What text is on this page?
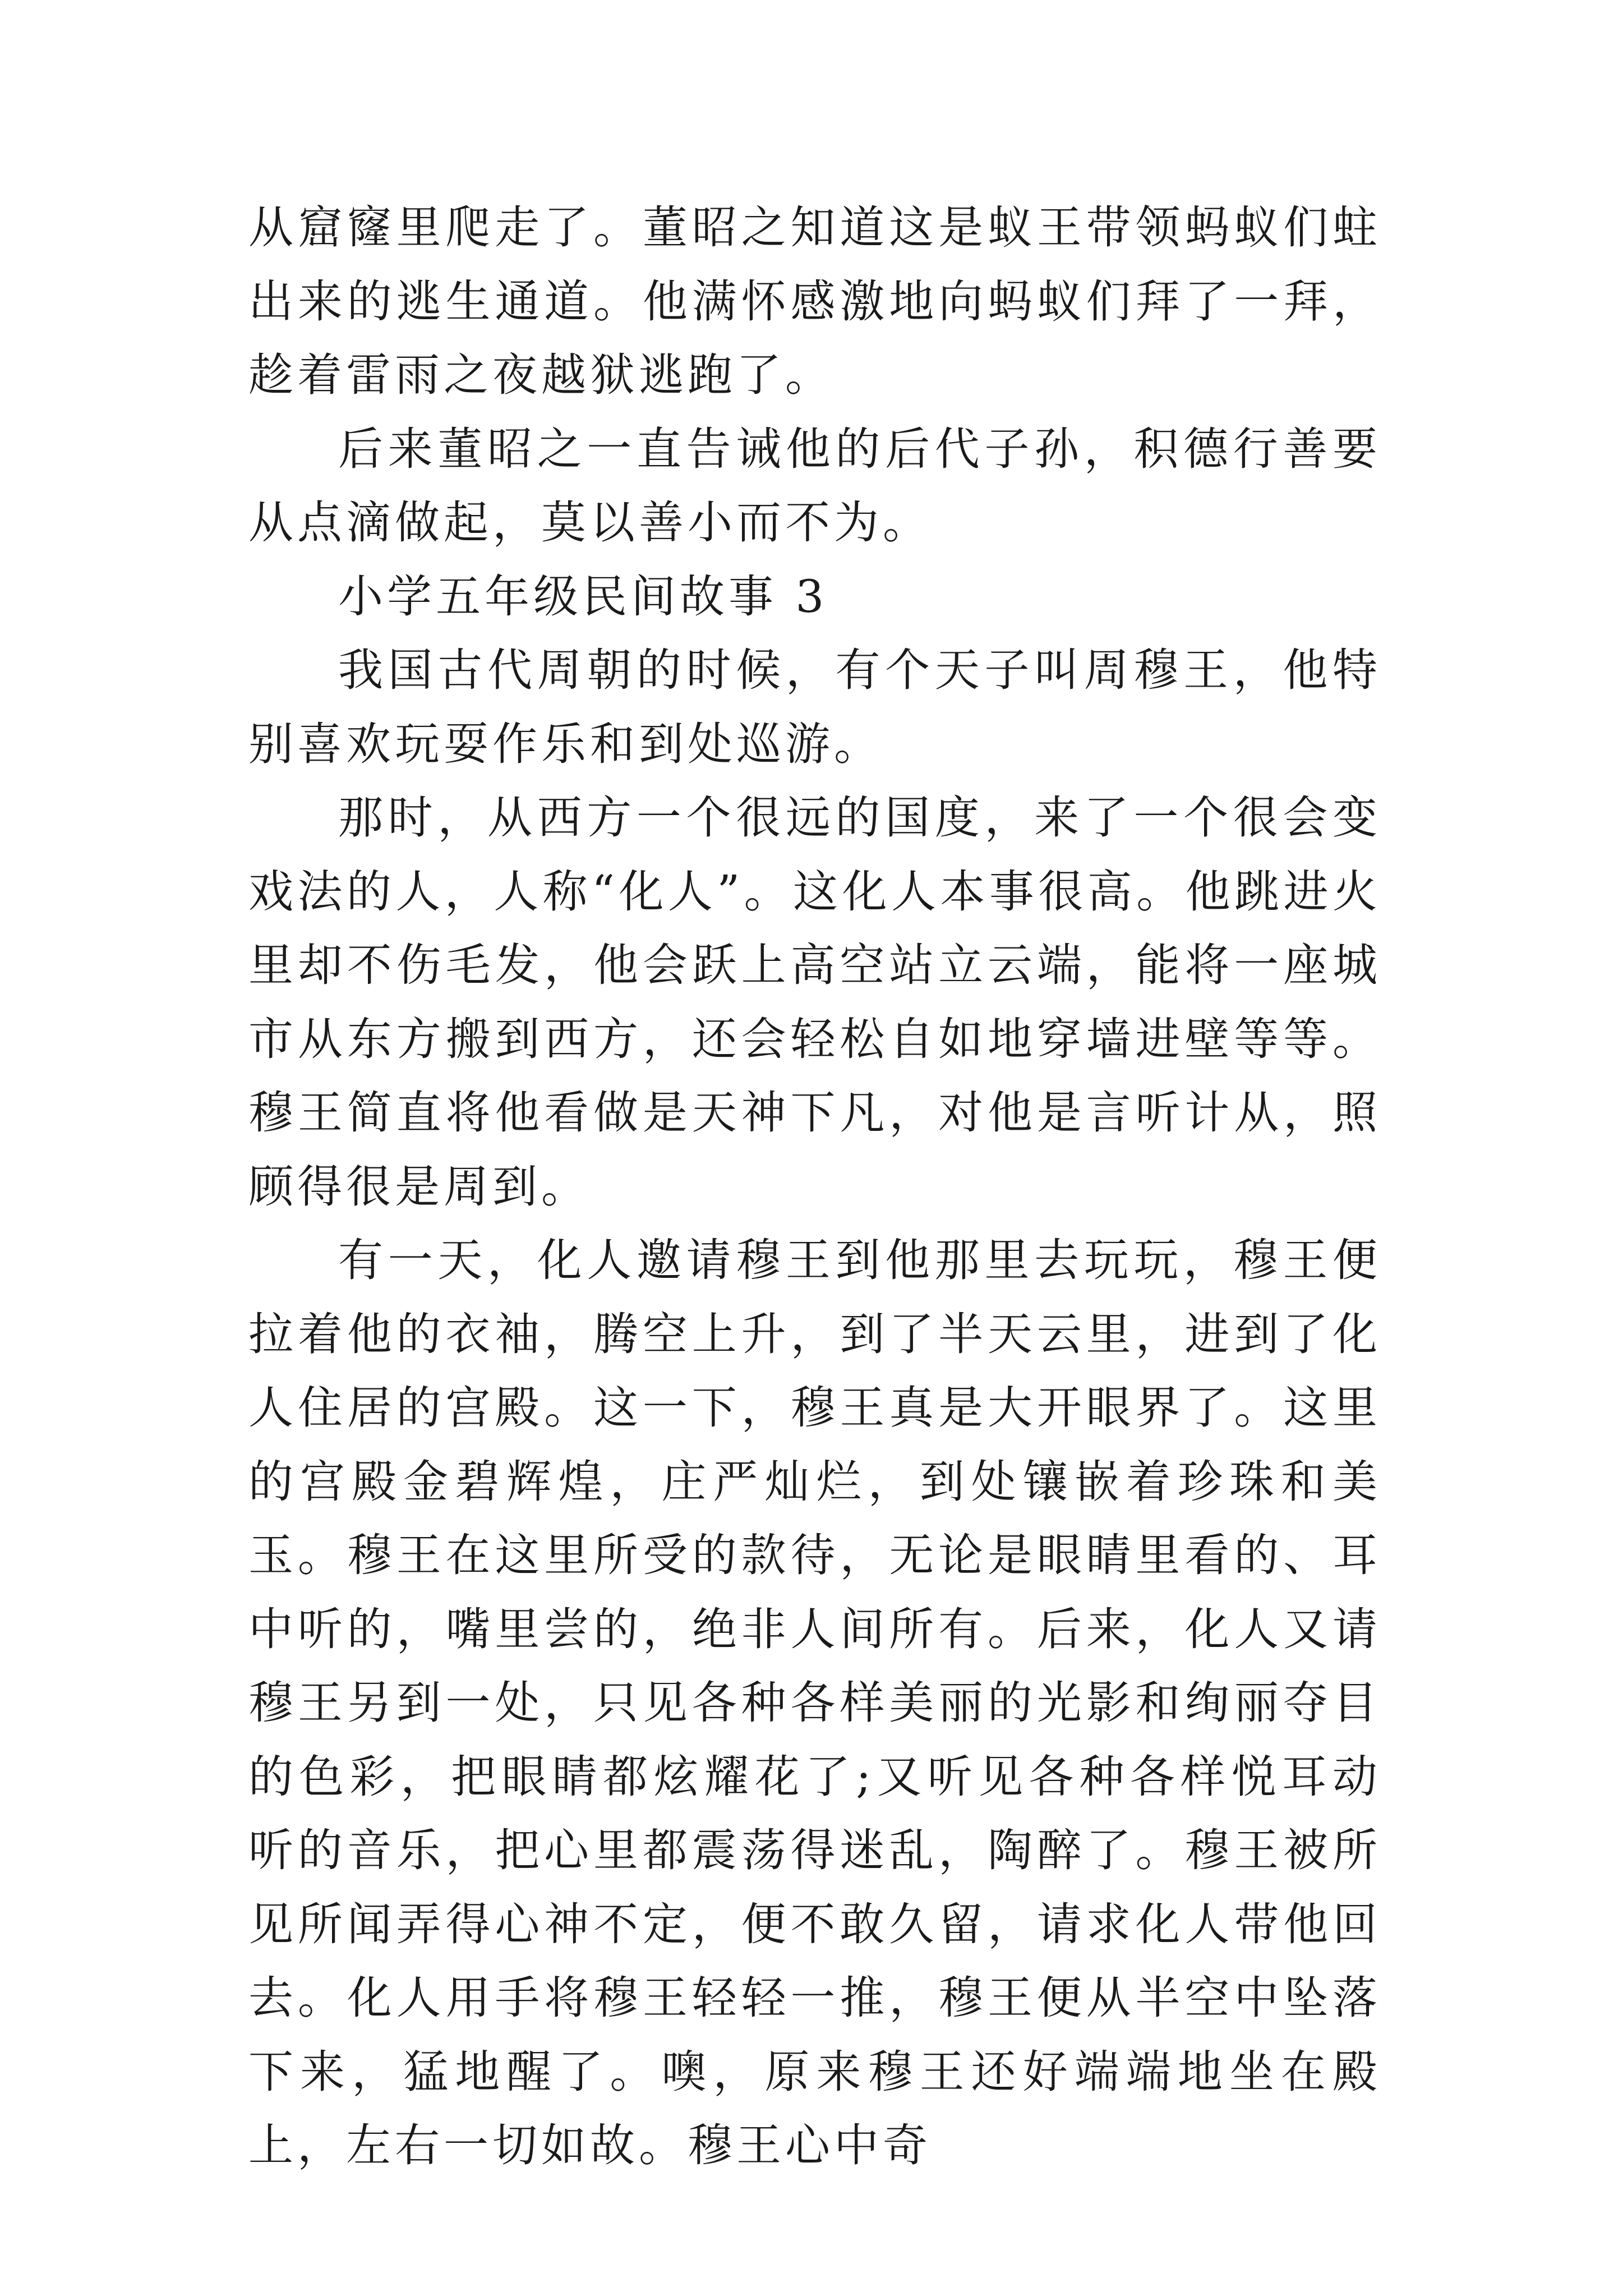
从窟窿里爬走了。董昭之知道这是蚁王带领蚂蚁们蛀出来的逃生通道。他满怀感激地向蚂蚁们拜了一拜，趁着雷雨之夜越狱逃跑了。

后来董昭之一直告诫他的后代子孙，积德行善要从点滴做起，莫以善小而不为。

小学五年级民间故事 3

我国古代周朝的时候，有个天子叫周穆王，他特别喜欢玩耍作乐和到处巡游。

那时，从西方一个很远的国度，来了一个很会变戏法的人，人称“化人”。这化人本事很高。他跳进火里却不伤毛发，他会跃上高空站立云端，能将一座城市从东方搬到西方，还会轻松自如地穿墙进壁等等。穆王简直将他看做是天神下凡，对他是言听计从，照顾得很是周到。

有一天，化人邀请穆王到他那里去玩玩，穆王便拉着他的衣袖，腾空上升，到了半天云里，进到了化人住居的宫殿。这一下，穆王真是大开眼界了。这里的宫殿金碧辉煌，庄严灿烂，到处镶嵌着珍珠和美玉。穆王在这里所受的款待，无论是眼睛里看的、耳中听的，嘴里尝的，绝非人间所有。后来，化人又请穆王另到一处，只见各种各样美丽的光影和绚丽夺目的色彩，把眼睛都炫耀花了;又听见各种各样悦耳动听的音乐，把心里都震荡得迷乱，陶醉了。穆王被所见所闻弄得心神不定，便不敢久留，请求化人带他回去。化人用手将穆王轻轻一推，穆王便从半空中坠落下来，猛地醒了。噢，原来穆王还好端端地坐在殿上，左右一切如故。穆王心中奇
